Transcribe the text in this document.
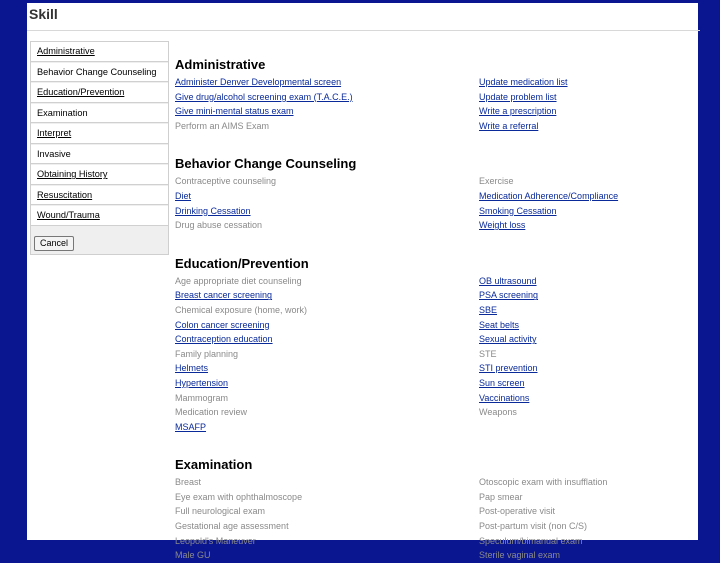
Skill
Administrative
Behavior Change Counseling
Education/Prevention
Examination
Interpret
Invasive
Obtaining History
Resuscitation
Wound/Trauma
Cancel
Administrative
Administer Denver Developmental screen
Give drug/alcohol screening exam (T.A.C.E.)
Give mini-mental status exam
Perform an AIMS Exam
Update medication list
Update problem list
Write a prescription
Write a referral
Behavior Change Counseling
Contraceptive counseling
Diet
Drinking Cessation
Drug abuse cessation
Exercise
Medication Adherence/Compliance
Smoking Cessation
Weight loss
Education/Prevention
Age appropriate diet counseling
Breast cancer screening
Chemical exposure (home, work)
Colon cancer screening
Contraception education
Family planning
Helmets
Hypertension
Mammogram
Medication review
MSAFP
OB ultrasound
PSA screening
SBE
Seat belts
Sexual activity
STE
STI prevention
Sun screen
Vaccinations
Weapons
Examination
Breast
Eye exam with ophthalmoscope
Full neurological exam
Gestational age assessment
Leopold's Maneuver
Male GU
Otoscopic exam with insufflation
Pap smear
Post-operative visit
Post-partum visit (non C/S)
Speculum/bimanual exam
Sterile vaginal exam
